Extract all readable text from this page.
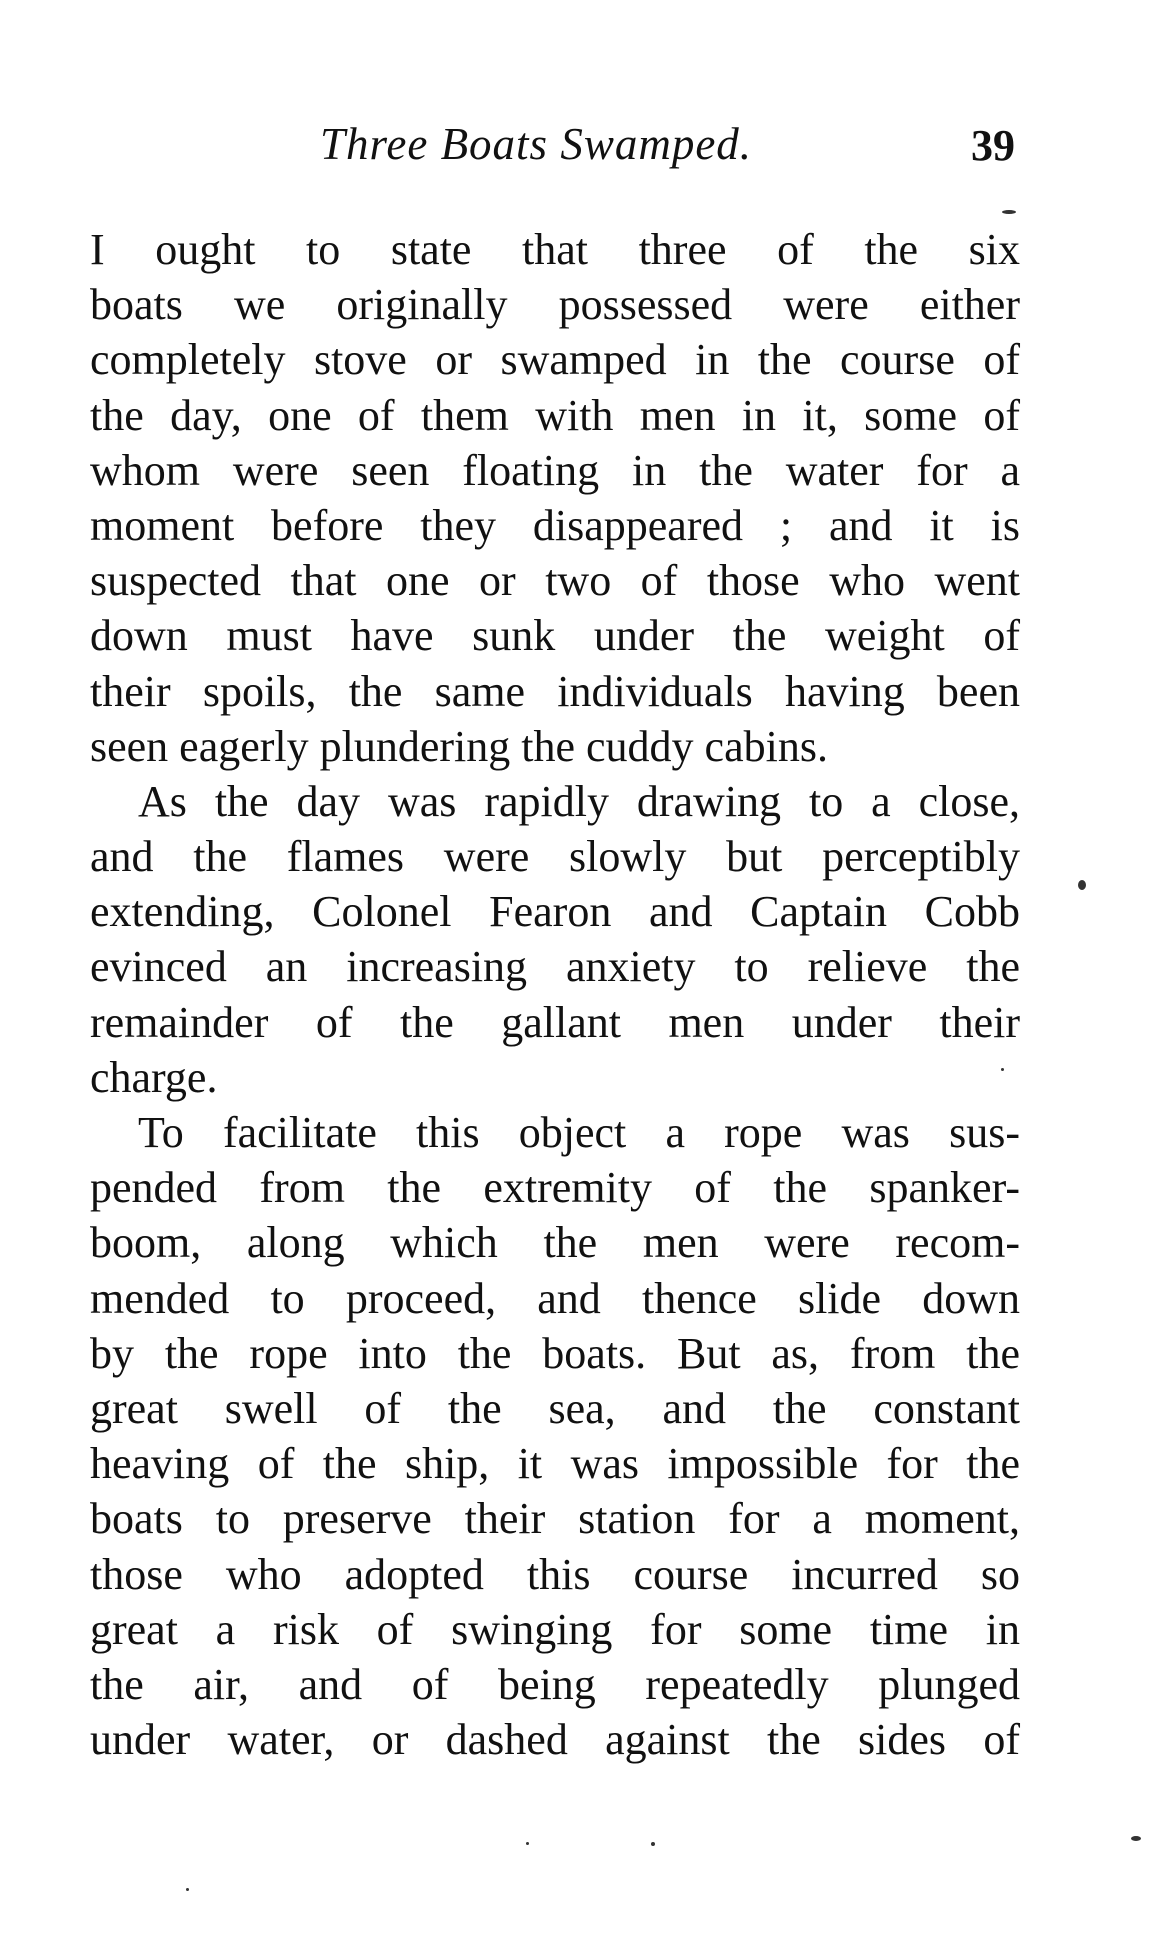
Three Boats Swamped.	39
I ought to state that three of the six
boats we originally possessed were either
completely stove or swamped in the course of
the day, one of them with men in it, some of
whom were seen floating in the water for a
moment before they disappeared ; and it is
suspected that one or two of those who went
down must have sunk under the weight of
their spoils, the same individuals having been
seen eagerly plundering the cuddy cabins.
As the day was rapidly drawing to a close,
and the flames were slowly but perceptibly
extending, Colonel Fearon and Captain Cobb
evinced an increasing anxiety to relieve the
remainder of the gallant men under their
charge.
To facilitate this object a rope was sus-
pended from the extremity of the spanker-
boom, along which the men were recom-
mended to proceed, and thence slide down
by the rope into the boats. But as, from the
great swell of the sea, and the constant
heaving of the ship, it was impossible for the
boats to preserve their station for a moment,
those who adopted this course incurred so
great a risk of swinging for some time in
the air, and of being repeatedly plunged
under water, or dashed against the sides of
